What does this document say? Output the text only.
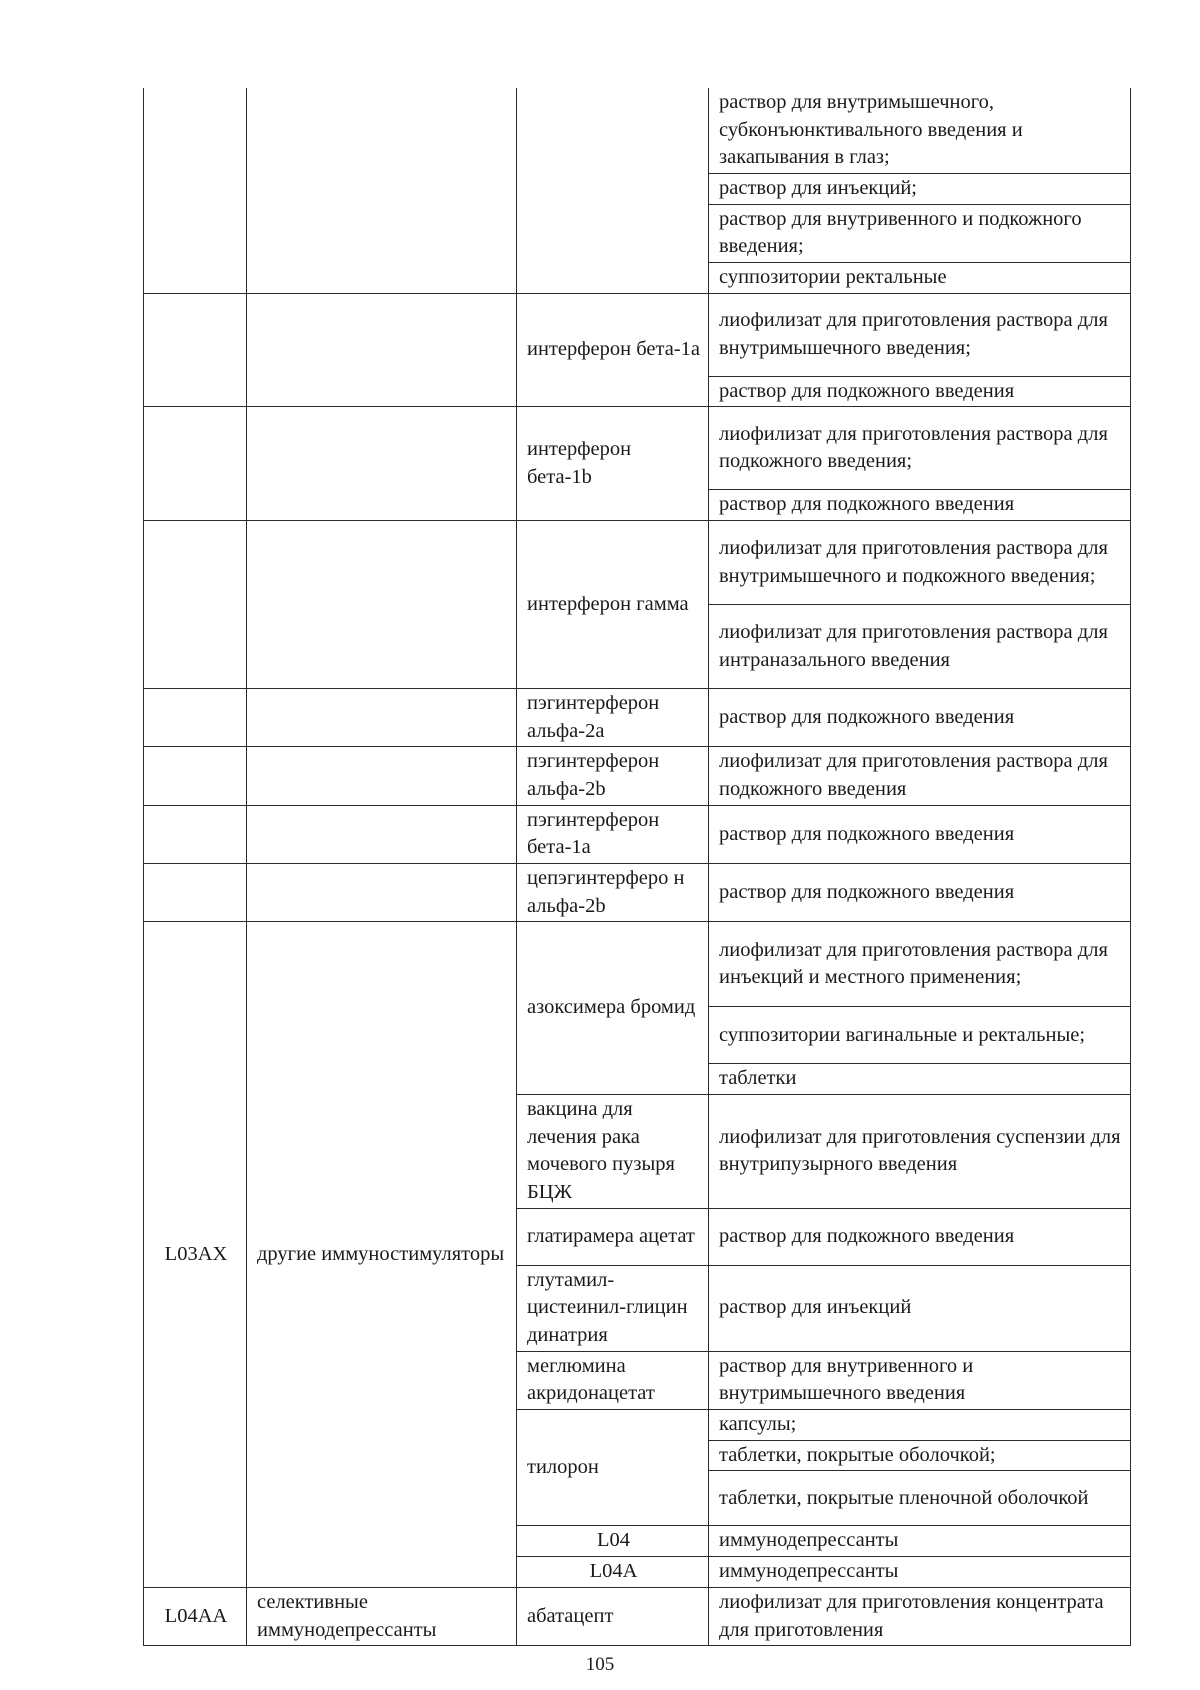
			раствор для внутримышечного, субконъюнктивального введения и закапывания в глаз;	
			раствор для инъекций;	
			раствор для внутривенного и подкожного введения;	
			суппозитории ректальные	
		интерферон бета-1a	лиофилизат для приготовления раствора для внутримышечного введения;	
			раствор для подкожного введения	
		интерферон бета-1b	лиофилизат для приготовления раствора для подкожного введения;	
			раствор для подкожного введения	
		интерферон гамма	лиофилизат для приготовления раствора для внутримышечного и подкожного введения;	
			лиофилизат для приготовления раствора для интраназального введения	
		пэгинтерферон альфа-2a	раствор для подкожного введения	
		пэгинтерферон альфа-2b	лиофилизат для приготовления раствора для подкожного введения	
		пэгинтерферон бета-1a	раствор для подкожного введения	
		цепэгинтерферо н альфа-2b	раствор для подкожного введения	
L03AX	другие иммуностимуляторы	азоксимера бромид	лиофилизат для приготовления раствора для инъекций и местного применения;	
			суппозитории вагинальные и ректальные;	
			таблетки	
		вакцина для лечения рака мочевого пузыря БЦЖ	лиофилизат для приготовления суспензии для внутрипузырного введения	
		глатирамера ацетат	раствор для подкожного введения	
		глутамил-цистеинил-глицин динатрия	раствор для инъекций	
		меглюмина акридонацетат	раствор для внутривенного и внутримышечного введения	
		тилорон	капсулы;	
			таблетки, покрытые оболочкой;	
			таблетки, покрытые пленочной оболочкой	
		L04	иммунодепрессанты		
		L04A	иммунодепрессанты		
L04AA	селективные иммунодепрессанты	абатацепт	лиофилизат для приготовления концентрата для приготовления	
105
